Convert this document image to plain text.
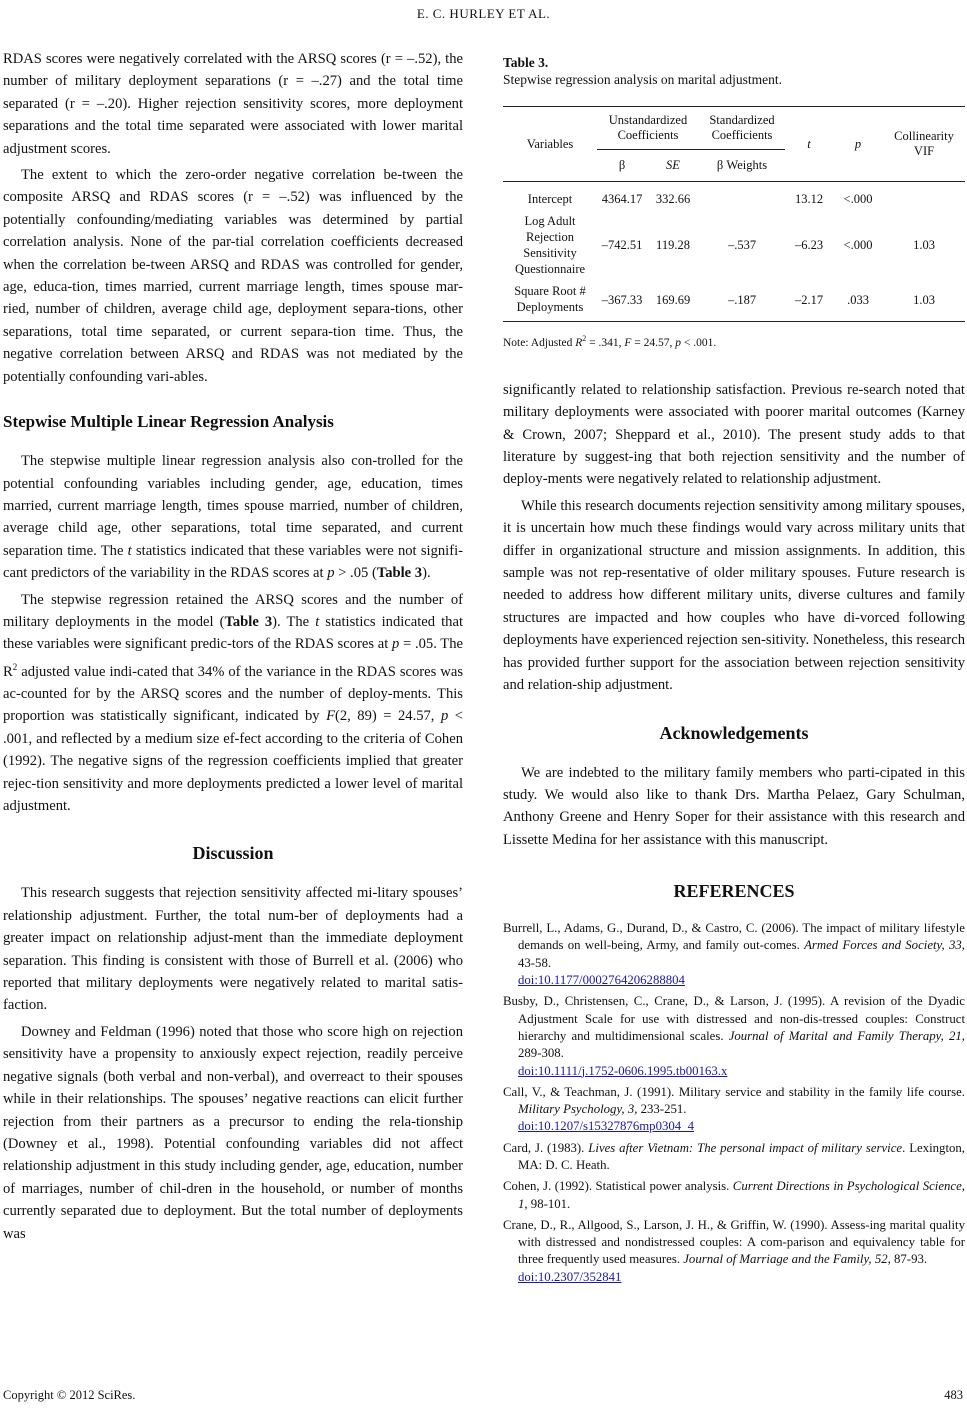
E. C. HURLEY ET AL.

RDAS scores were negatively correlated with the ARSQ scores (r = –.52), the number of military deployment separations (r = –.27) and the total time separated (r = –.20). Higher rejection sensitivity scores, more deployment separations and the total time separated were associated with lower marital adjustment scores.

The extent to which the zero-order negative correlation be-tween the composite ARSQ and RDAS scores (r = –.52) was influenced by the potentially confounding/mediating variables was determined by partial correlation analysis. None of the par-tial correlation coefficients decreased when the correlation be-tween ARSQ and RDAS was controlled for gender, age, educa-tion, times married, current marriage length, times spouse mar-ried, number of children, average child age, deployment separa-tions, other separations, total time separated, or current separa-tion time. Thus, the negative correlation between ARSQ and RDAS was not mediated by the potentially confounding vari-ables.

Stepwise Multiple Linear Regression Analysis

The stepwise multiple linear regression analysis also con-trolled for the potential confounding variables including gender, age, education, times married, current marriage length, times spouse married, number of children, average child age, other separations, total time separated, and current separation time. The t statistics indicated that these variables were not signifi-cant predictors of the variability in the RDAS scores at p > .05 (Table 3).

The stepwise regression retained the ARSQ scores and the number of military deployments in the model (Table 3). The t statistics indicated that these variables were significant predic-tors of the RDAS scores at p = .05. The $R^2$ adjusted value indi-cated that 34% of the variance in the RDAS scores was ac-counted for by the ARSQ scores and the number of deploy-ments. This proportion was statistically significant, indicated by F(2, 89) = 24.57, p < .001, and reflected by a medium size ef-fect according to the criteria of Cohen (1992). The negative signs of the regression coefficients implied that greater rejec-tion sensitivity and more deployments predicted a lower level of marital adjustment.

Discussion

This research suggests that rejection sensitivity affected mi-litary spouses’ relationship adjustment. Further, the total num-ber of deployments had a greater impact on relationship adjust-ment than the immediate deployment separation. This finding is consistent with those of Burrell et al. (2006) who reported that military deployments were negatively related to marital satis-faction.

Downey and Feldman (1996) noted that those who score high on rejection sensitivity have a propensity to anxiously expect rejection, readily perceive negative signals (both verbal and non-verbal), and overreact to their spouses while in their relationships. The spouses’ negative reactions can elicit further rejection from their partners as a precursor to ending the rela-tionship (Downey et al., 1998). Potential confounding variables did not affect relationship adjustment in this study including gender, age, education, number of marriages, number of chil-dren in the household, or number of months currently separated due to deployment. But the total number of deployments was

Table 3.

Stepwise regression analysis on marital adjustment.

Variables	Unstandardized Coefficients		Standardized Coefficients	t	p	Collinearity VIF
	β	SE	β Weights			
Intercept	4364.17	332.66		13.12	<.000	
Log Adult Rejection Sensitivity Questionnaire	–742.51	119.28	–.537	–6.23	<.000	1.03
Square Root # Deployments	–367.33	169.69	–.187	–2.17	.033	1.03
Note: Adjusted $R^2 = .341$, F = 24.57, p < .001.

significantly related to relationship satisfaction. Previous re-search noted that military deployments were associated with poorer marital outcomes (Karney & Crown, 2007; Sheppard et al., 2010). The present study adds to that literature by suggest-ing that both rejection sensitivity and the number of deploy-ments were negatively related to relationship adjustment.

While this research documents rejection sensitivity among military spouses, it is uncertain how much these findings would vary across military units that differ in organizational structure and mission assignments. In addition, this sample was not rep-resentative of older military spouses. Future research is needed to address how different military units, diverse cultures and family structures are impacted and how couples who have di-vorced following deployments have experienced rejection sen-sitivity. Nonetheless, this research has provided further support for the association between rejection sensitivity and relation-ship adjustment.

Acknowledgements

We are indebted to the military family members who parti-cipated in this study. We would also like to thank Drs. Martha Pelaez, Gary Schulman, Anthony Greene and Henry Soper for their assistance with this research and Lissette Medina for her assistance with this manuscript.

REFERENCES

Burrell, L., Adams, G., Durand, D., & Castro, C. (2006). The impact of military lifestyle demands on well-being, Army, and family out-comes. Armed Forces and Society, 33, 43-58.
doi:10.1177/0002764206288804

Busby, D., Christensen, C., Crane, D., & Larson, J. (1995). A revision of the Dyadic Adjustment Scale for use with distressed and non-dis-tressed couples: Construct hierarchy and multidimensional scales. Journal of Marital and Family Therapy, 21, 289-308.
doi:10.1111/j.1752-0606.1995.tb00163.x

Call, V., & Teachman, J. (1991). Military service and stability in the family life course. Military Psychology, 3, 233-251.
doi:10.1207/s15327876mp0304_4

Card, J. (1983). Lives after Vietnam: The personal impact of military service. Lexington, MA: D. C. Heath.

Cohen, J. (1992). Statistical power analysis. Current Directions in Psychological Science, 1, 98-101.

Crane, D., R., Allgood, S., Larson, J. H., & Griffin, W. (1990). Assess-ing marital quality with distressed and nondistressed couples: A com-parison and equivalency table for three frequently used measures. Journal of Marriage and the Family, 52, 87-93.
doi:10.2307/352841

Copyright © 2012 SciRes.	483
